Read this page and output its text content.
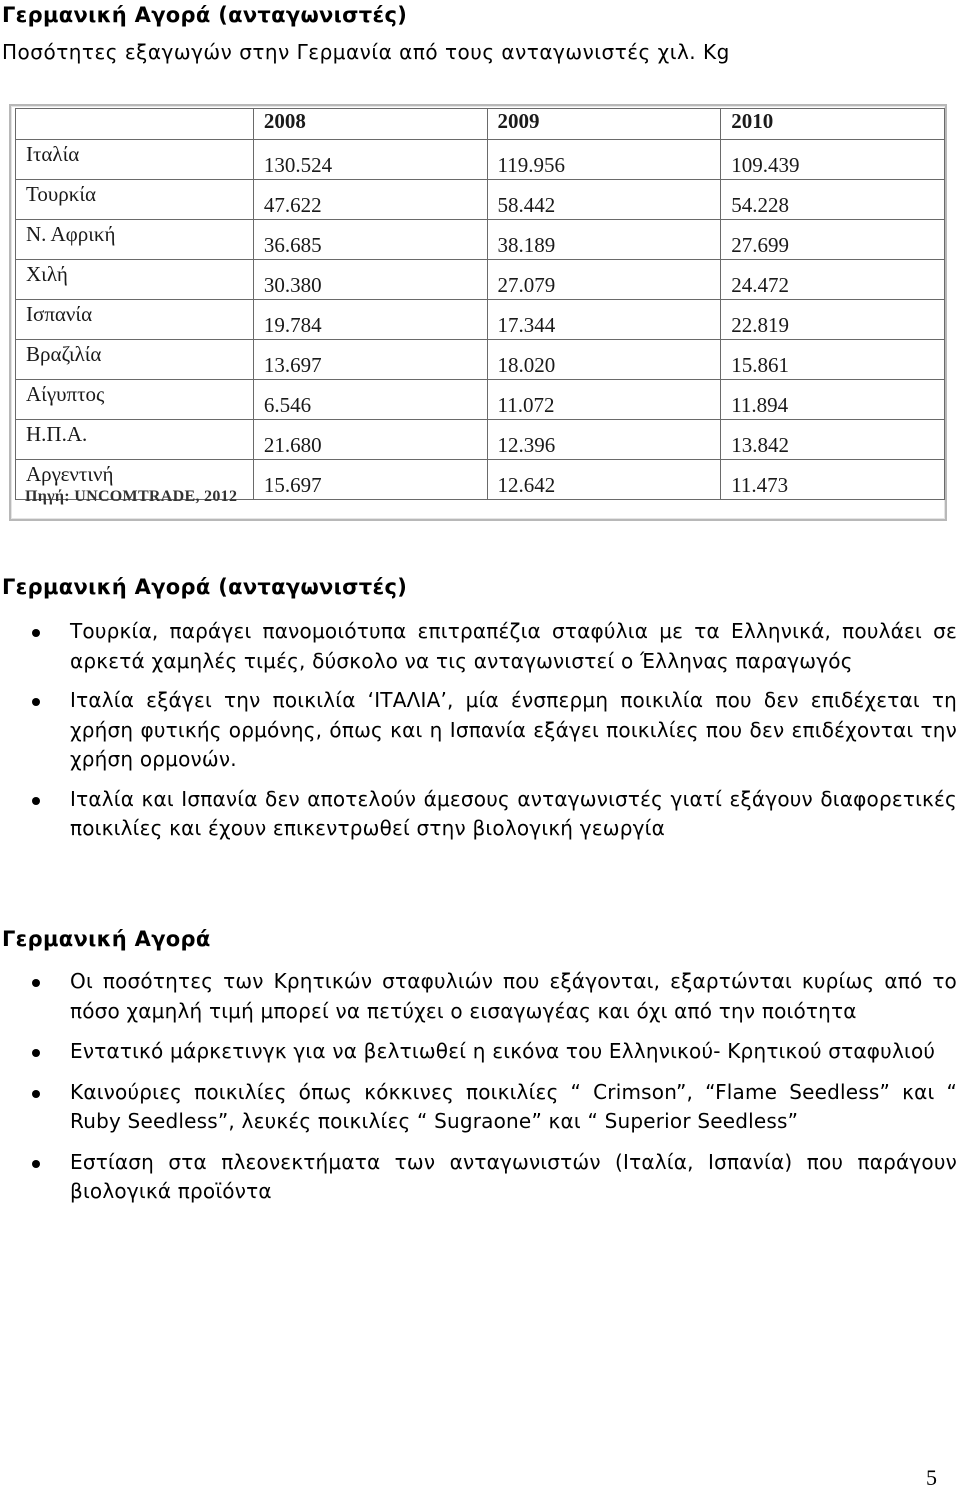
Γερμανική Αγορά (ανταγωνιστές)

Ποσότητες εξαγωγών στην Γερμανία από τους ανταγωνιστές χιλ. Kg

	2008	2009	2010
Ιταλία	130.524	119.956	109.439
Τουρκία	47.622	58.442	54.228
Ν. Αφρική	36.685	38.189	27.699
Χιλή	30.380	27.079	24.472
Ισπανία	19.784	17.344	22.819
Βραζιλία	13.697	18.020	15.861
Αίγυπτος	6.546	11.072	11.894
Η.Π.Α.	21.680	12.396	13.842
Αργεντινή	15.697	12.642	11.473
Πηγή: UNCOMTRADE, 2012
Γερμανική Αγορά (ανταγωνιστές)
Τουρκία, παράγει πανομοιότυπα επιτραπέζια σταφύλια με τα Ελληνικά, πουλάει σε αρκετά χαμηλές τιμές, δύσκολο να τις ανταγωνιστεί ο Έλληνας παραγωγός
Ιταλία εξάγει την ποικιλία ‘ΙΤΑΛΙΑ’, μία ένσπερμη ποικιλία που δεν επιδέχεται τη χρήση φυτικής ορμόνης, όπως και η Ισπανία εξάγει ποικιλίες που δεν επιδέχονται την χρήση ορμονών.
Ιταλία και Ισπανία δεν αποτελούν άμεσους ανταγωνιστές γιατί εξάγουν διαφορετικές ποικιλίες και έχουν επικεντρωθεί στην βιολογική γεωργία
Γερμανική Αγορά
Οι ποσότητες των Κρητικών σταφυλιών που εξάγονται, εξαρτώνται κυρίως από το πόσο χαμηλή τιμή μπορεί να πετύχει ο εισαγωγέας και όχι από την ποιότητα
Εντατικό μάρκετινγκ για να βελτιωθεί η εικόνα του Ελληνικού- Κρητικού σταφυλιού
Καινούριες ποικιλίες όπως κόκκινες ποικιλίες “ Crimson”, “Flame Seedless” και “ Ruby Seedless”, λευκές ποικιλίες “ Sugraone” και “ Superior Seedless”
Εστίαση στα πλεονεκτήματα των ανταγωνιστών (Ιταλία, Ισπανία) που παράγουν βιολογικά προϊόντα
5
